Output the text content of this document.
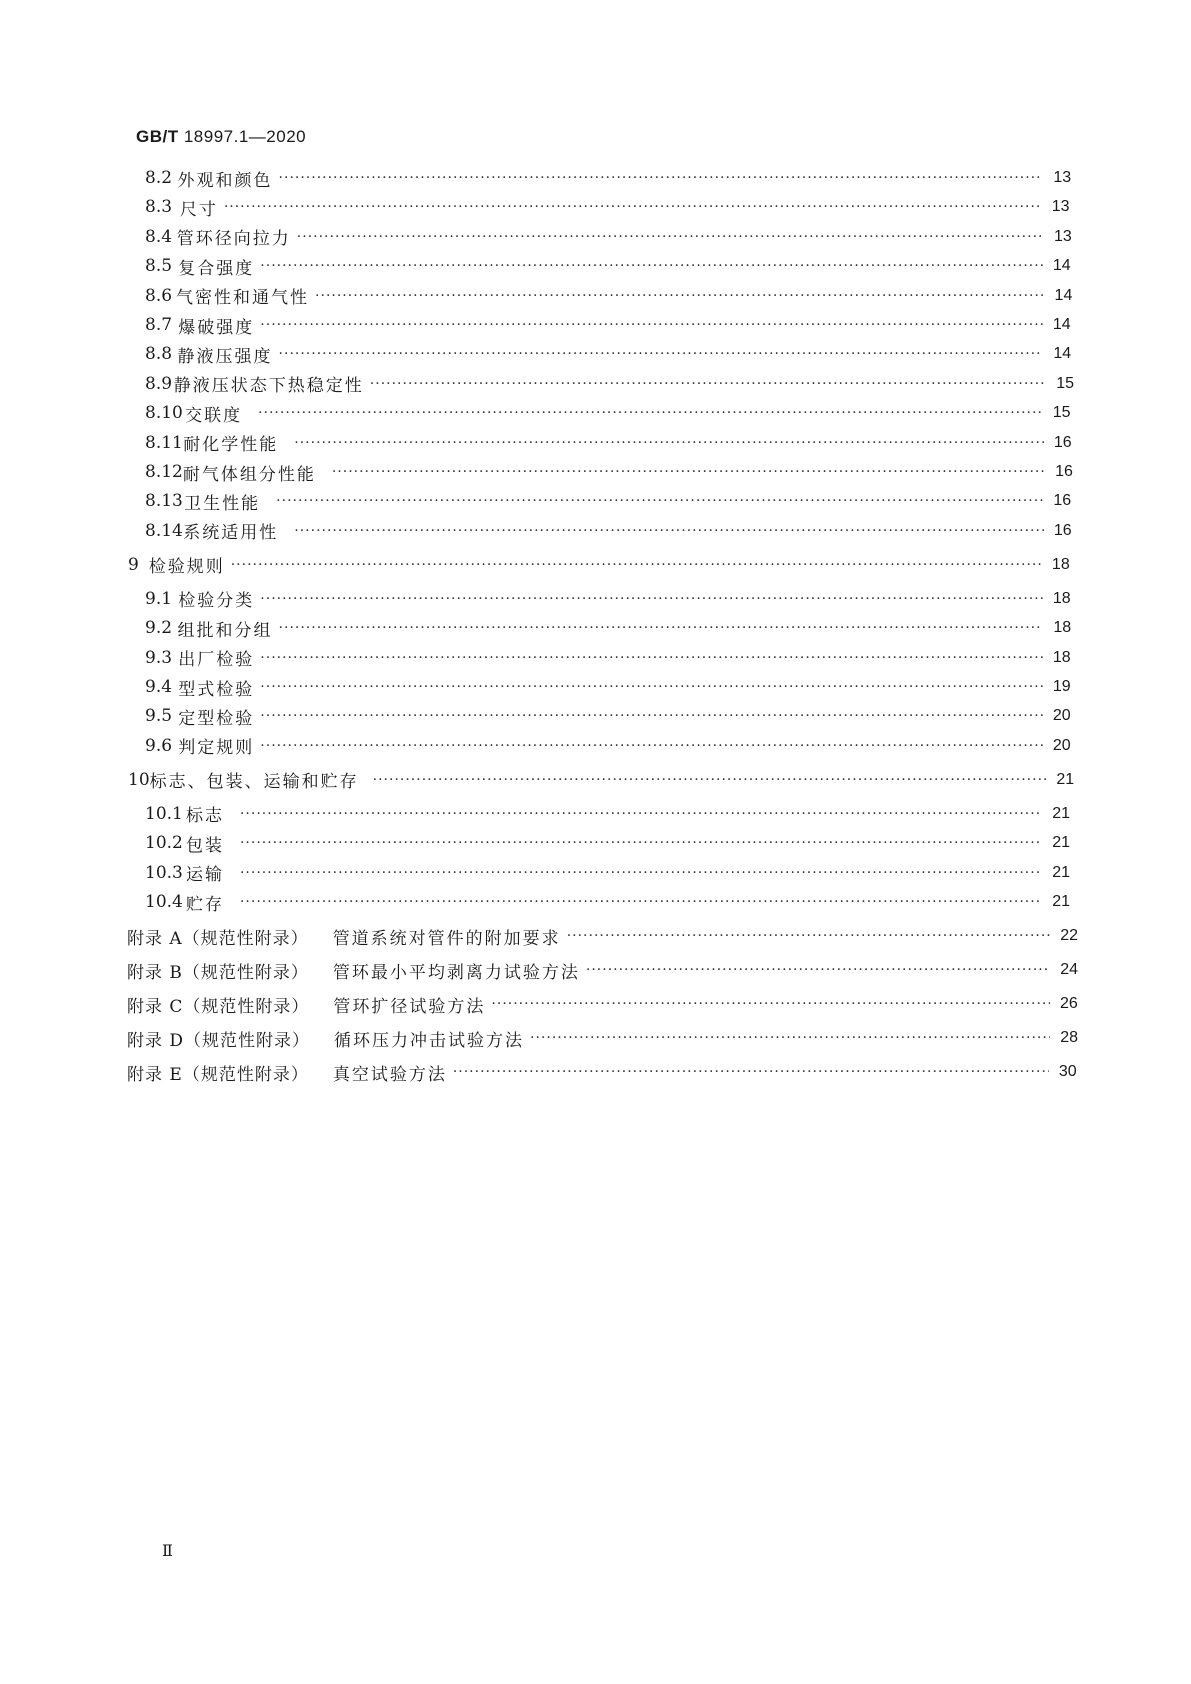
GB/T 18997.1—2020
8.2 外观和颜色 ·····	13
8.3 尺寸 ·····	13
8.4 管环径向拉力 ·····	13
8.5 复合强度 ·····	14
8.6 气密性和通气性 ·····	14
8.7 爆破强度 ·····	14
8.8 静液压强度 ·····	14
8.9 静液压状态下热稳定性 ·····	15
8.10 交联度 ·····	15
8.11 耐化学性能 ·····	16
8.12 耐气体组分性能 ·····	16
8.13 卫生性能 ·····	16
8.14 系统适用性 ·····	16
9 检验规则 ·····	18
9.1 检验分类 ·····	18
9.2 组批和分组 ·····	18
9.3 出厂检验 ·····	18
9.4 型式检验 ·····	19
9.5 定型检验 ·····	20
9.6 判定规则 ·····	20
10 标志、包装、运输和贮存 ·····	21
10.1 标志 ·····	21
10.2 包装 ·····	21
10.3 运输 ·····	21
10.4 贮存 ·····	21
附录 A（规范性附录） 管道系统对管件的附加要求 ·····	22
附录 B（规范性附录） 管环最小平均剥离力试验方法 ·····	24
附录 C（规范性附录） 管环扩径试验方法 ·····	26
附录 D（规范性附录） 循环压力冲击试验方法 ·····	28
附录 E（规范性附录） 真空试验方法 ·····	30
Ⅱ
